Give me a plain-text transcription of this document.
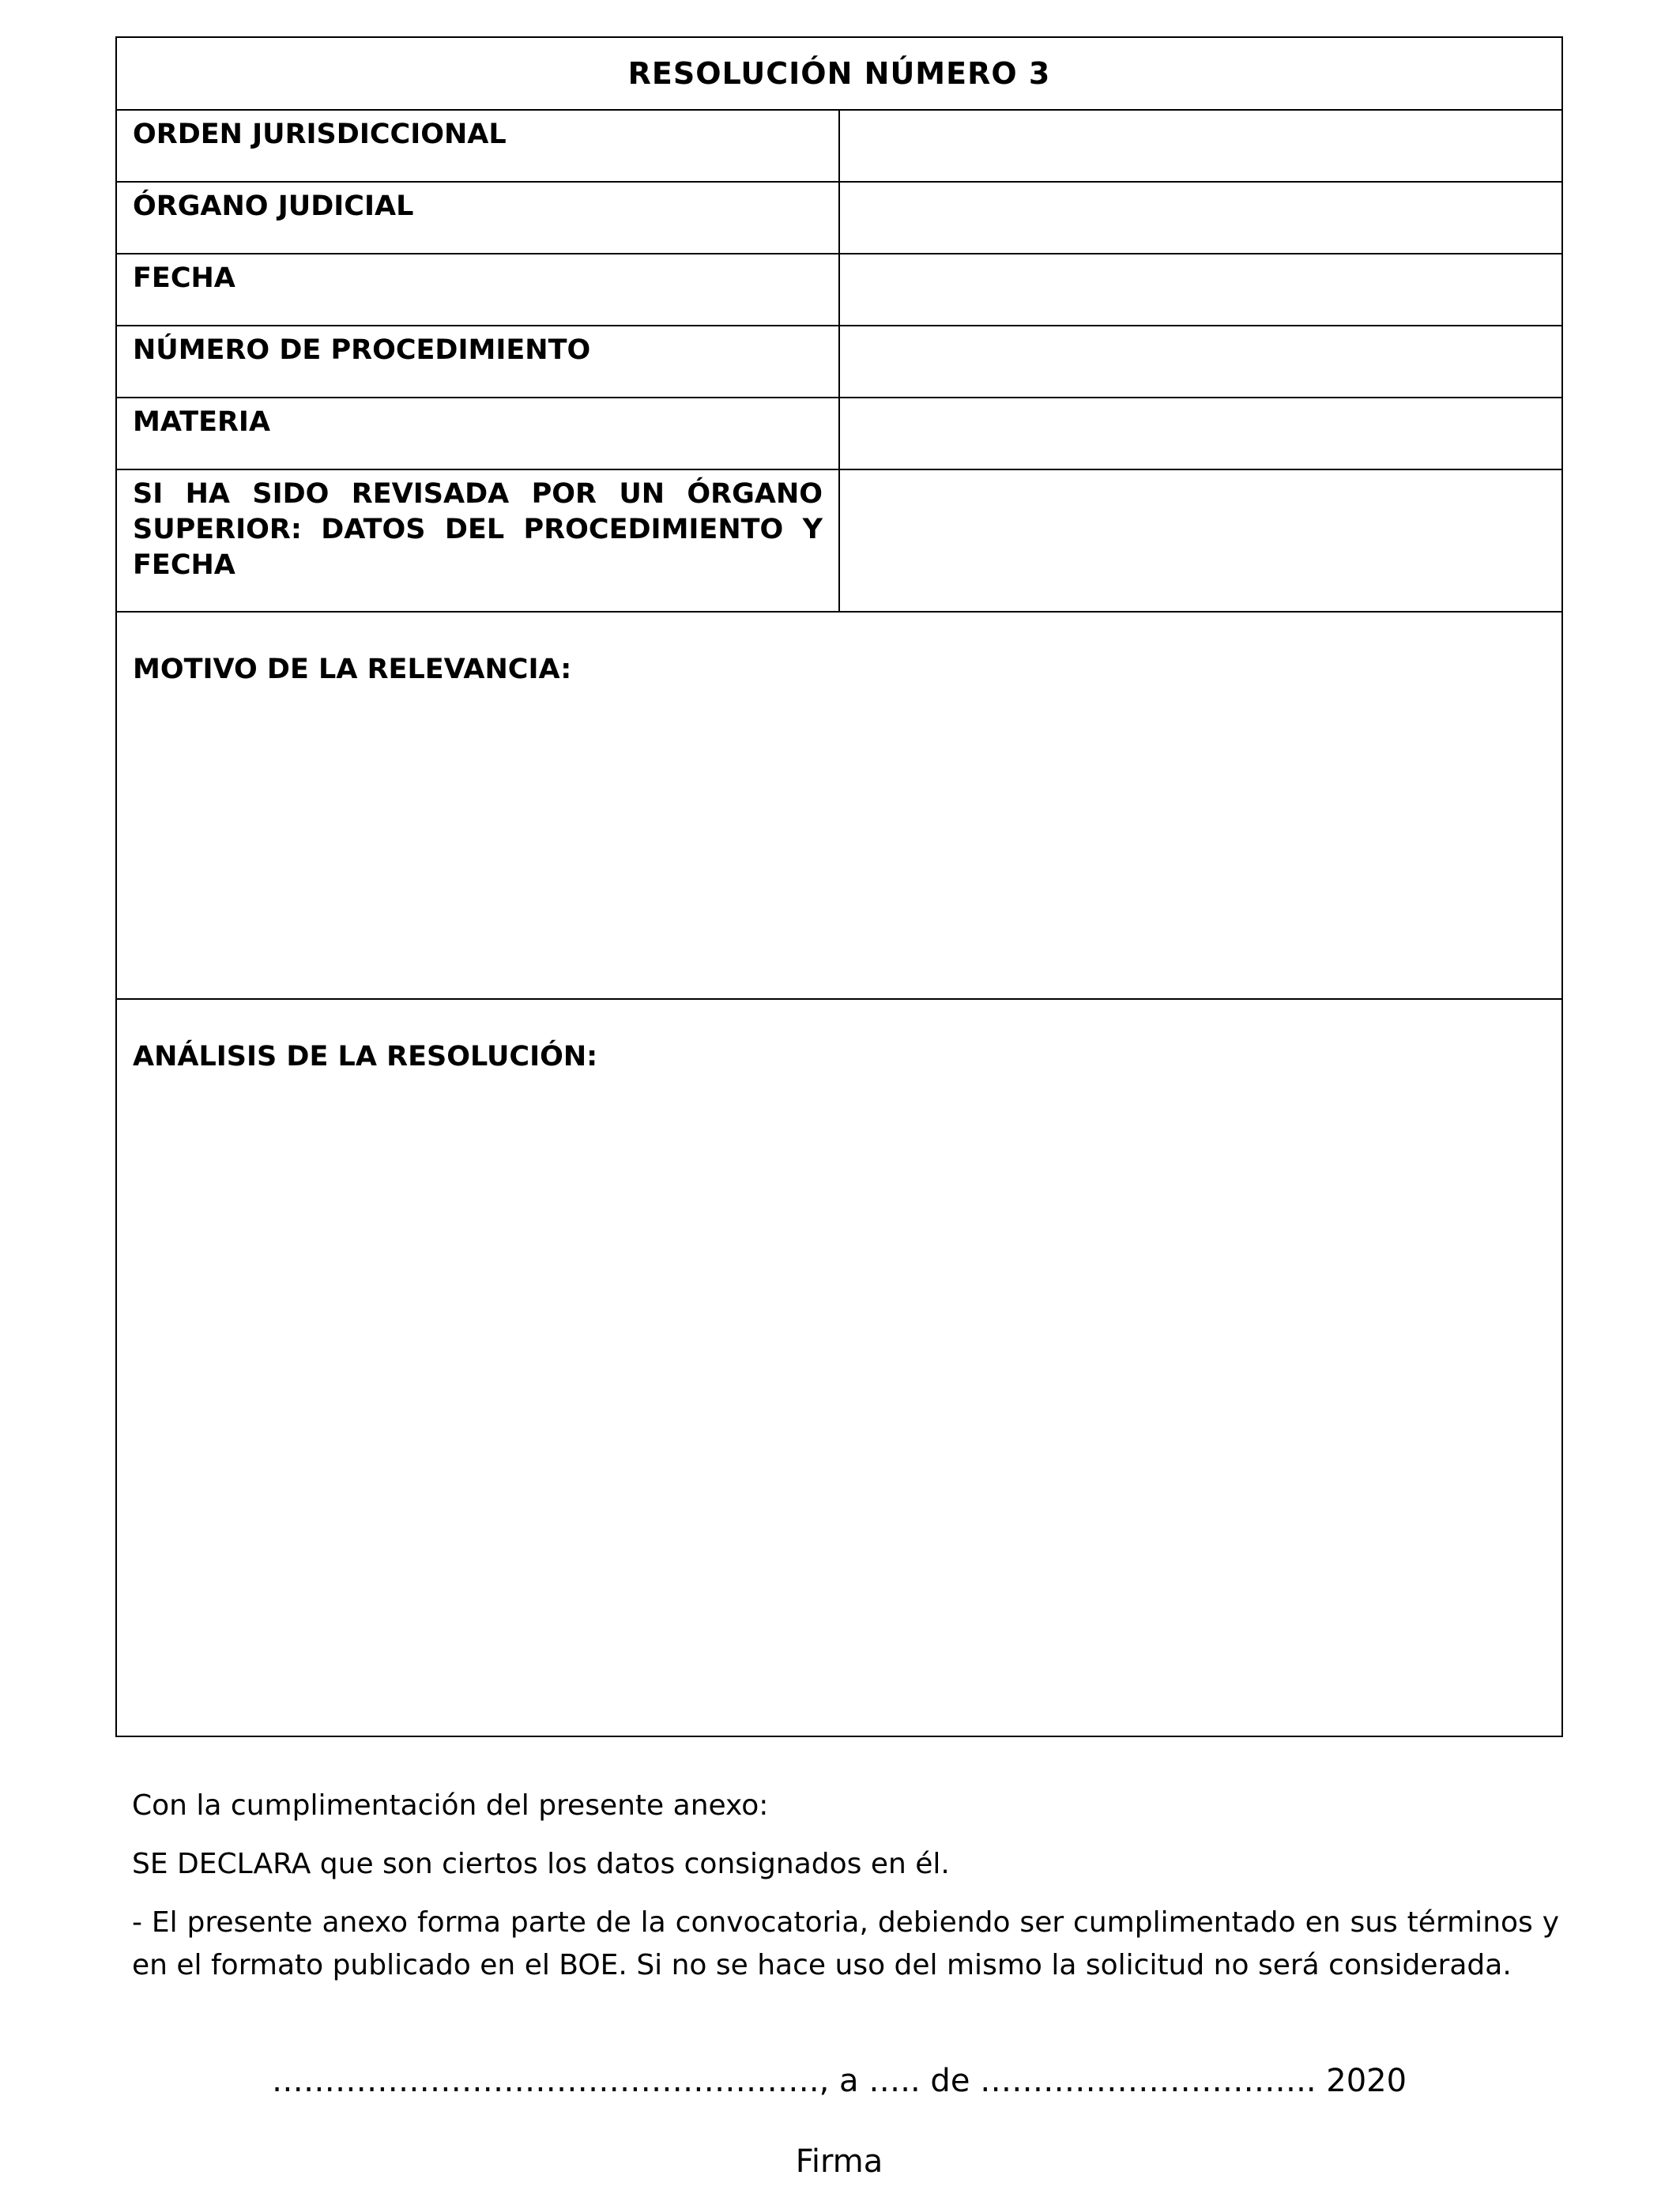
RESOLUCIÓN NÚMERO 3	
ORDEN JURISDICCIONAL	
ÓRGANO JUDICIAL	
FECHA	
NÚMERO DE PROCEDIMIENTO	
MATERIA	
SI HA SIDO REVISADA POR UN ÓRGANO SUPERIOR: DATOS DEL PROCEDIMIENTO Y FECHA	

MOTIVO DE LA RELEVANCIA:	

ANÁLISIS DE LA RESOLUCIÓN:	

Con la cumplimentación del presente anexo:

SE DECLARA que son ciertos los datos consignados en él.

- El presente anexo forma parte de la convocatoria, debiendo ser cumplimentado en sus términos y en el formato publicado en el BOE. Si no se hace uso del mismo la solicitud no será considerada.

……………………………………………., a ….. de ………………………….. 2020
Firma
